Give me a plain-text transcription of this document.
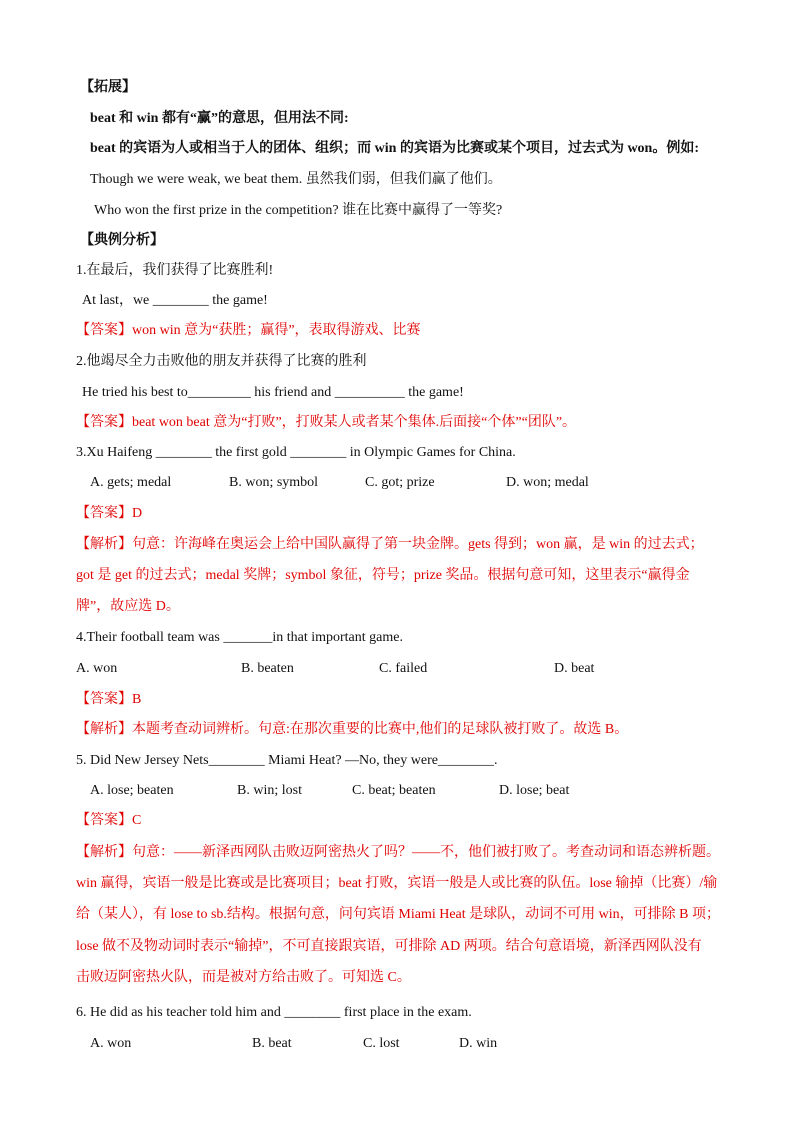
【拓展】
beat 和 win 都有“赢”的意思，但用法不同:
beat 的宾语为人或相当于人的团体、组织；而 win 的宾语为比赛或某个项目，过去式为 won。例如:
Though we were weak, we beat them. 虽然我们弱，但我们赢了他们。
Who won the first prize in the competition? 谁在比赛中赢得了一等奖?
【典例分析】
1.在最后，我们获得了比赛胜利!
At last，we ________ the game!
【答案】won win 意为“获胜；赢得”，表取得游戏、比赛
2.他竭尽全力击败他的朋友并获得了比赛的胜利
He tried his best to_________ his friend and __________ the game!
【答案】beat won beat 意为“打败”，打败某人或者某个集体.后面接“个体”“团队”。
3.Xu Haifeng ________ the first gold ________ in Olympic Games for China.
A. gets; medal	B. won; symbol	C. got; prize	D. won; medal
【答案】D
【解析】句意：许海峰在奥运会上给中国队赢得了第一块金牌。gets 得到；won 赢，是 win 的过去式；
got 是 get 的过去式；medal 奖牌；symbol 象征，符号；prize 奖品。根据句意可知，这里表示“赢得金
牌”，故应选 D。
4.Their football team was _______in that important game.
A. won	B. beaten	C. failed	D. beat
【答案】B
【解析】本题考查动词辨析。句意:在那次重要的比赛中,他们的足球队被打败了。故选 B。
5. Did New Jersey Nets________ Miami Heat? —No, they were________.
A. lose; beaten	B. win; lost	C. beat; beaten	D. lose; beat
【答案】C
【解析】句意：——新泽西网队击败迈阿密热火了吗？——不，他们被打败了。考查动词和语态辨析题。
win 赢得，宾语一般是比赛或是比赛项目；beat 打败，宾语一般是人或比赛的队伍。lose 输掉（比赛）/输
给（某人），有 lose to sb.结构。根据句意，问句宾语 Miami Heat 是球队，动词不可用 win，可排除 B 项；
lose 做不及物动词时表示“输掉”，不可直接跟宾语，可排除 AD 两项。结合句意语境，新泽西网队没有
击败迈阿密热火队，而是被对方给击败了。可知选 C。
6. He did as his teacher told him and ________ first place in the exam.
A. won	B. beat	C. lost	D. win
